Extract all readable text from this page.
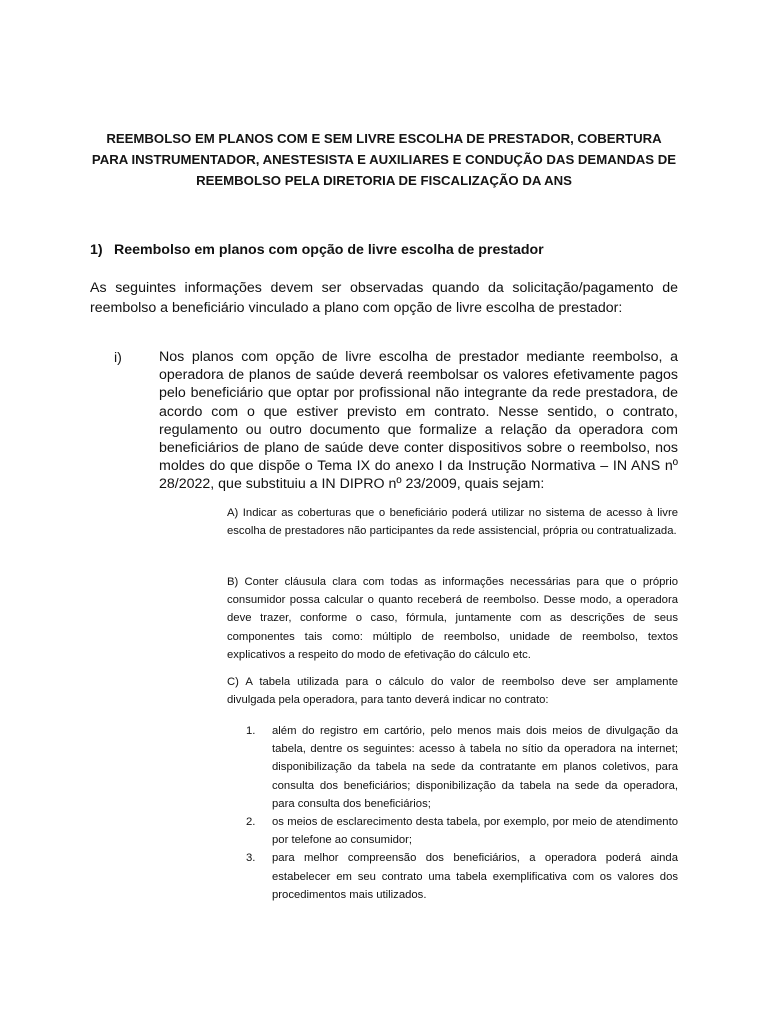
REEMBOLSO EM PLANOS COM E SEM LIVRE ESCOLHA DE PRESTADOR, COBERTURA PARA INSTRUMENTADOR, ANESTESISTA E AUXILIARES E CONDUÇÃO DAS DEMANDAS DE REEMBOLSO PELA DIRETORIA DE FISCALIZAÇÃO DA ANS
1) Reembolso em planos com opção de livre escolha de prestador
As seguintes informações devem ser observadas quando da solicitação/pagamento de reembolso a beneficiário vinculado a plano com opção de livre escolha de prestador:
i)	Nos planos com opção de livre escolha de prestador mediante reembolso, a operadora de planos de saúde deverá reembolsar os valores efetivamente pagos pelo beneficiário que optar por profissional não integrante da rede prestadora, de acordo com o que estiver previsto em contrato. Nesse sentido, o contrato, regulamento ou outro documento que formalize a relação da operadora com beneficiários de plano de saúde deve conter dispositivos sobre o reembolso, nos moldes do que dispõe o Tema IX do anexo I da Instrução Normativa – IN ANS nº 28/2022, que substituiu a IN DIPRO nº 23/2009, quais sejam:
A) Indicar as coberturas que o beneficiário poderá utilizar no sistema de acesso à livre escolha de prestadores não participantes da rede assistencial, própria ou contratualizada.
B) Conter cláusula clara com todas as informações necessárias para que o próprio consumidor possa calcular o quanto receberá de reembolso. Desse modo, a operadora deve trazer, conforme o caso, fórmula, juntamente com as descrições de seus componentes tais como: múltiplo de reembolso, unidade de reembolso, textos explicativos a respeito do modo de efetivação do cálculo etc.
C) A tabela utilizada para o cálculo do valor de reembolso deve ser amplamente divulgada pela operadora, para tanto deverá indicar no contrato:
1. além do registro em cartório, pelo menos mais dois meios de divulgação da tabela, dentre os seguintes: acesso à tabela no sítio da operadora na internet; disponibilização da tabela na sede da contratante em planos coletivos, para consulta dos beneficiários; disponibilização da tabela na sede da operadora, para consulta dos beneficiários;
2. os meios de esclarecimento desta tabela, por exemplo, por meio de atendimento por telefone ao consumidor;
3. para melhor compreensão dos beneficiários, a operadora poderá ainda estabelecer em seu contrato uma tabela exemplificativa com os valores dos procedimentos mais utilizados.
